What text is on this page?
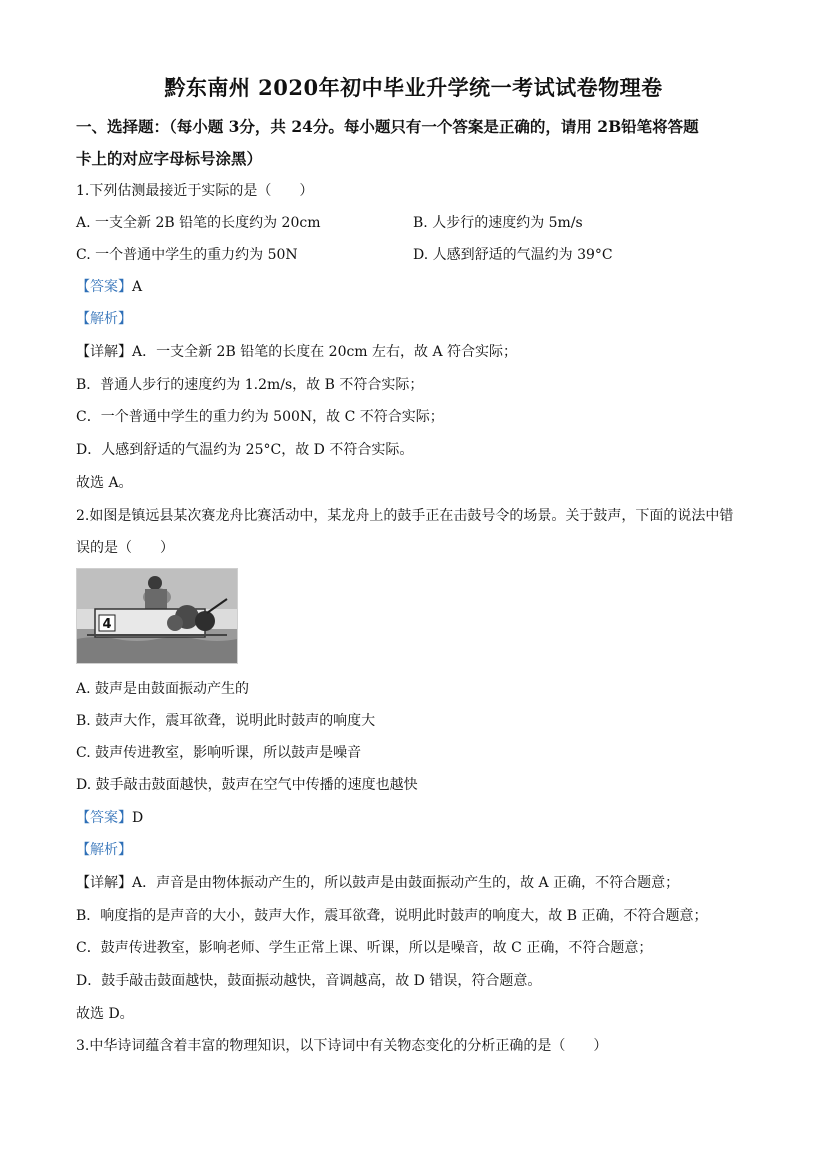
黔东南州 2020年初中毕业升学统一考试试卷物理卷
一、选择题：（每小题 3分，共 24分。每小题只有一个答案是正确的，请用 2B铅笔将答题
卡上的对应字母标号涂黑）
1.下列估测最接近于实际的是（　　）
A. 一支全新 2B 铅笔的长度约为 20cm	B. 人步行的速度约为 5m/s
C. 一个普通中学生的重力约为 50N	D. 人感到舒适的气温约为 39°C
【答案】A
【解析】
【详解】A．一支全新 2B 铅笔的长度在 20cm 左右，故 A 符合实际；
B．普通人步行的速度约为 1.2m/s，故 B 不符合实际；
C．一个普通中学生的重力约为 500N，故 C 不符合实际；
D．人感到舒适的气温约为 25°C，故 D 不符合实际。
故选 A。
2.如图是镇远县某次赛龙舟比赛活动中，某龙舟上的鼓手正在击鼓号令的场景。关于鼓声，下面的说法中错
误的是（　　）
4
A. 鼓声是由鼓面振动产生的
B. 鼓声大作，震耳欲聋，说明此时鼓声的响度大
C. 鼓声传进教室，影响听课，所以鼓声是噪音
D. 鼓手敲击鼓面越快，鼓声在空气中传播的速度也越快
【答案】D
【解析】
【详解】A．声音是由物体振动产生的，所以鼓声是由鼓面振动产生的，故 A 正确，不符合题意；
B．响度指的是声音的大小，鼓声大作，震耳欲聋，说明此时鼓声的响度大，故 B 正确，不符合题意；
C．鼓声传进教室，影响老师、学生正常上课、听课，所以是噪音，故 C 正确，不符合题意；
D．鼓手敲击鼓面越快，鼓面振动越快，音调越高，故 D 错误，符合题意。
故选 D。
3.中华诗词蕴含着丰富的物理知识，以下诗词中有关物态变化的分析正确的是（　　）
